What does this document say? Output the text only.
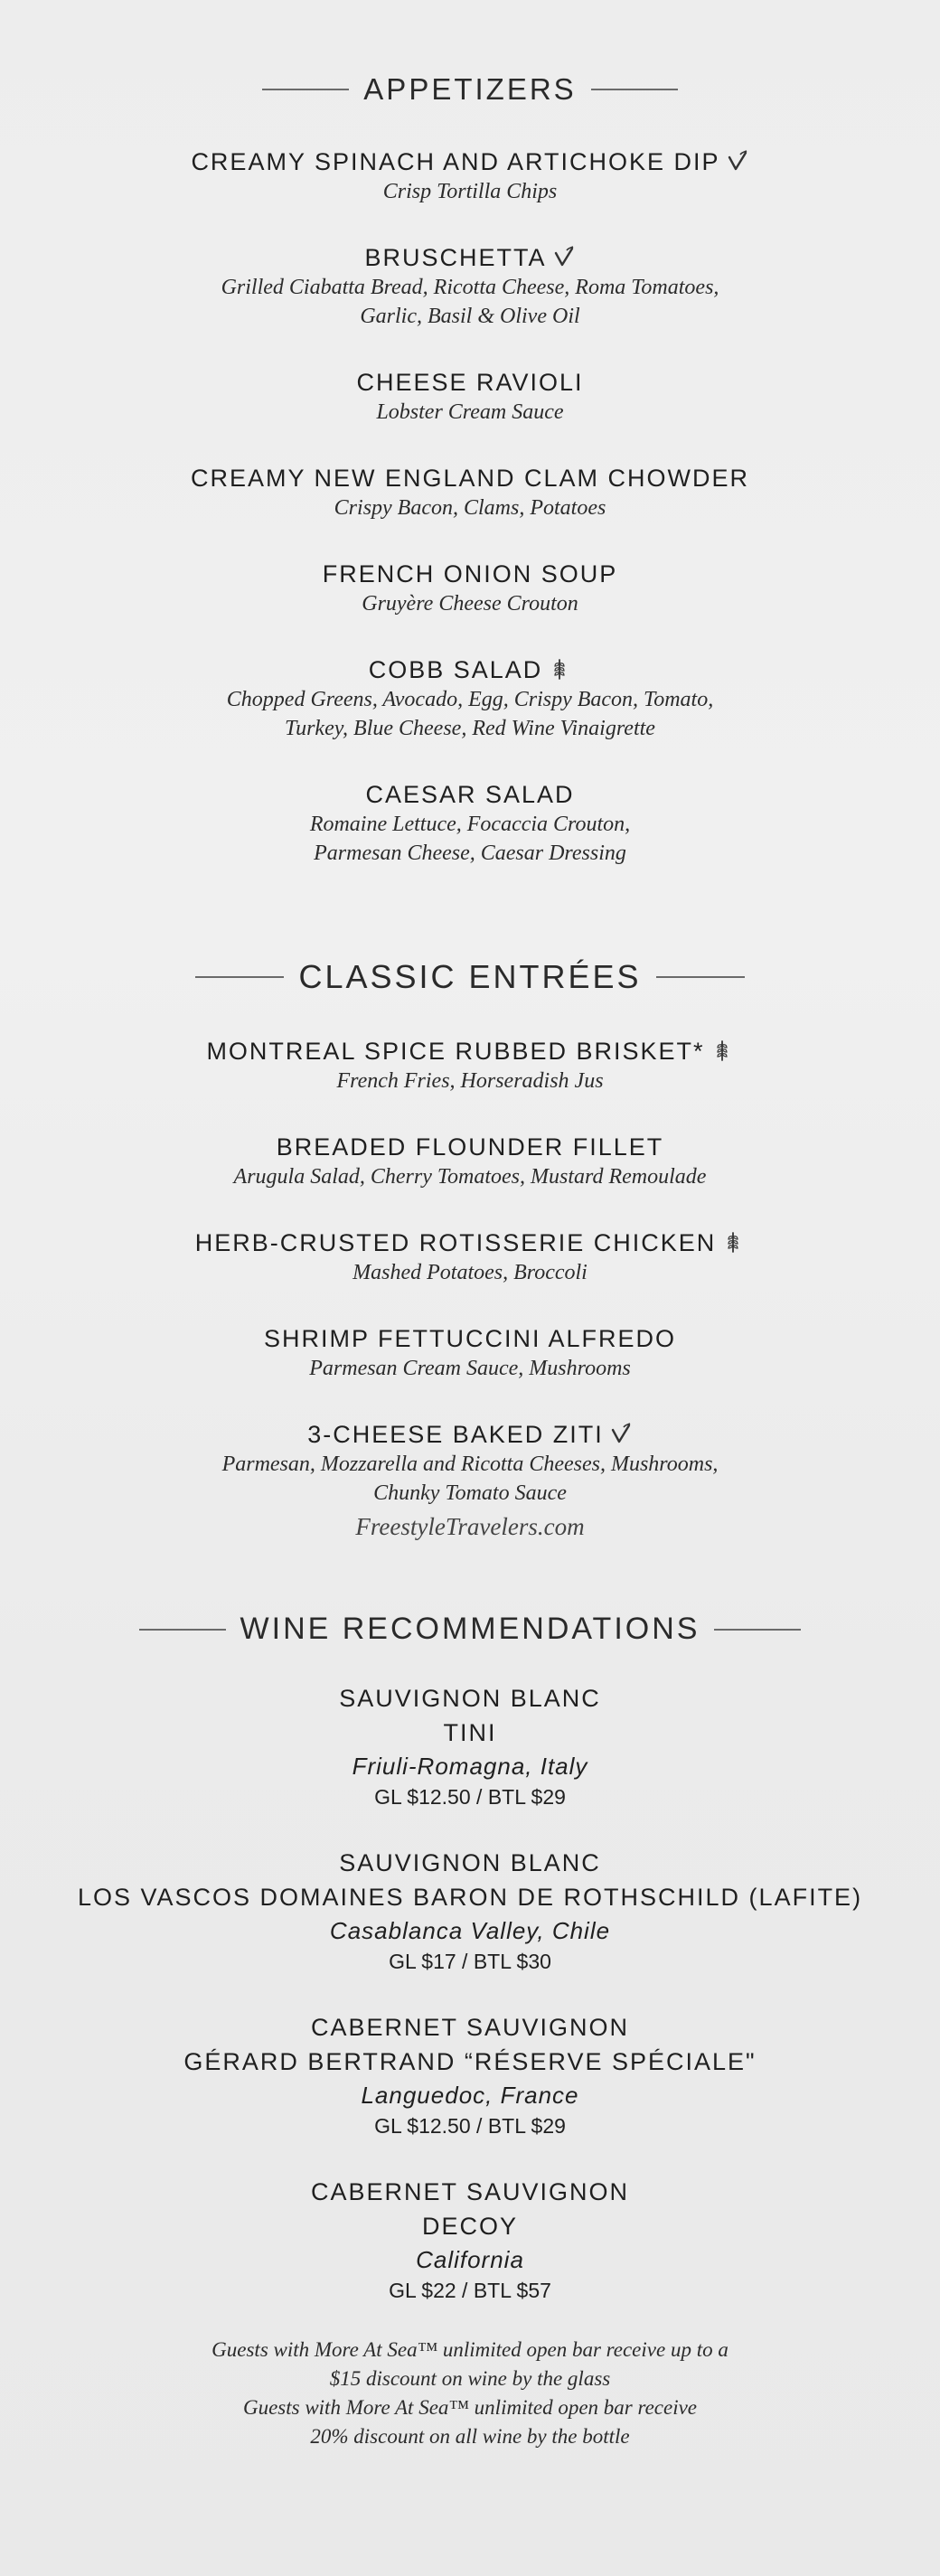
APPETIZERS
CREAMY SPINACH AND ARTICHOKE DIP
Crisp Tortilla Chips
BRUSCHETTA
Grilled Ciabatta Bread, Ricotta Cheese, Roma Tomatoes,
Garlic, Basil & Olive Oil
CHEESE RAVIOLI
Lobster Cream Sauce
CREAMY NEW ENGLAND CLAM CHOWDER
Crispy Bacon, Clams, Potatoes
FRENCH ONION SOUP
Gruyère Cheese Crouton
COBB SALAD
Chopped Greens, Avocado, Egg, Crispy Bacon, Tomato,
Turkey, Blue Cheese, Red Wine Vinaigrette
CAESAR SALAD
Romaine Lettuce, Focaccia Crouton,
Parmesan Cheese, Caesar Dressing
CLASSIC ENTRÉES
MONTREAL SPICE RUBBED BRISKET*
French Fries, Horseradish Jus
BREADED FLOUNDER FILLET
Arugula Salad, Cherry Tomatoes, Mustard Remoulade
HERB-CRUSTED ROTISSERIE CHICKEN
Mashed Potatoes, Broccoli
SHRIMP FETTUCCINI ALFREDO
Parmesan Cream Sauce, Mushrooms
3-CHEESE BAKED ZITI
Parmesan, Mozzarella and Ricotta Cheeses, Mushrooms,
Chunky Tomato Sauce
FreestyleTravelers.com
WINE RECOMMENDATIONS
SAUVIGNON BLANC
TINI
Friuli-Romagna, Italy
GL $12.50 / BTL $29
SAUVIGNON BLANC
LOS VASCOS DOMAINES BARON DE ROTHSCHILD (LAFITE)
Casablanca Valley, Chile
GL $17 / BTL $30
CABERNET SAUVIGNON
GÉRARD BERTRAND “RÉSERVE SPÉCIALE"
Languedoc, France
GL $12.50 / BTL $29
CABERNET SAUVIGNON
DECOY
California
GL $22 / BTL $57

Guests with More At Sea™ unlimited open bar receive up to a

$15 discount on wine by the glass

Guests with More At Sea™ unlimited open bar receive

20% discount on all wine by the bottle
